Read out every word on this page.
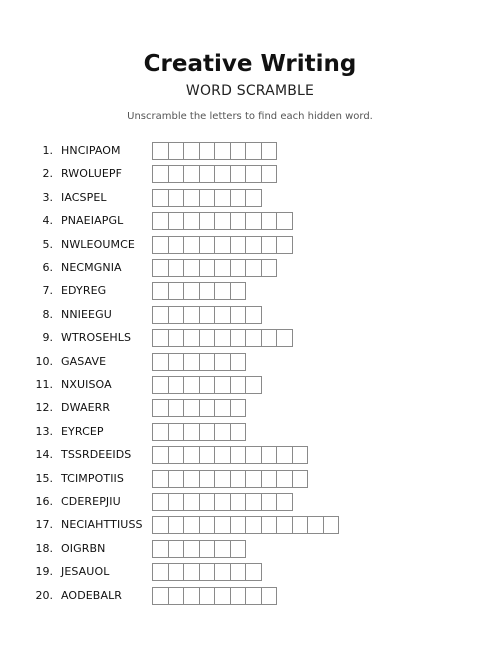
Creative Writing
WORD SCRAMBLE
Unscramble the letters to find each hidden word.
1. HNCIPAOM
2. RWOLUEPF
3. IACSPEL
4. PNAEIAPGL
5. NWLEOUMCE
6. NECMGNIA
7. EDYREG
8. NNIEEGU
9. WTROSEHLS
10. GASAVE
11. NXUISOA
12. DWAERR
13. EYRCEP
14. TSSRDEEIDS
15. TCIMPOTIIS
16. CDEREPJIU
17. NECIAHTTIUSS
18. OIGRBN
19. JESAUOL
20. AODEBALR
